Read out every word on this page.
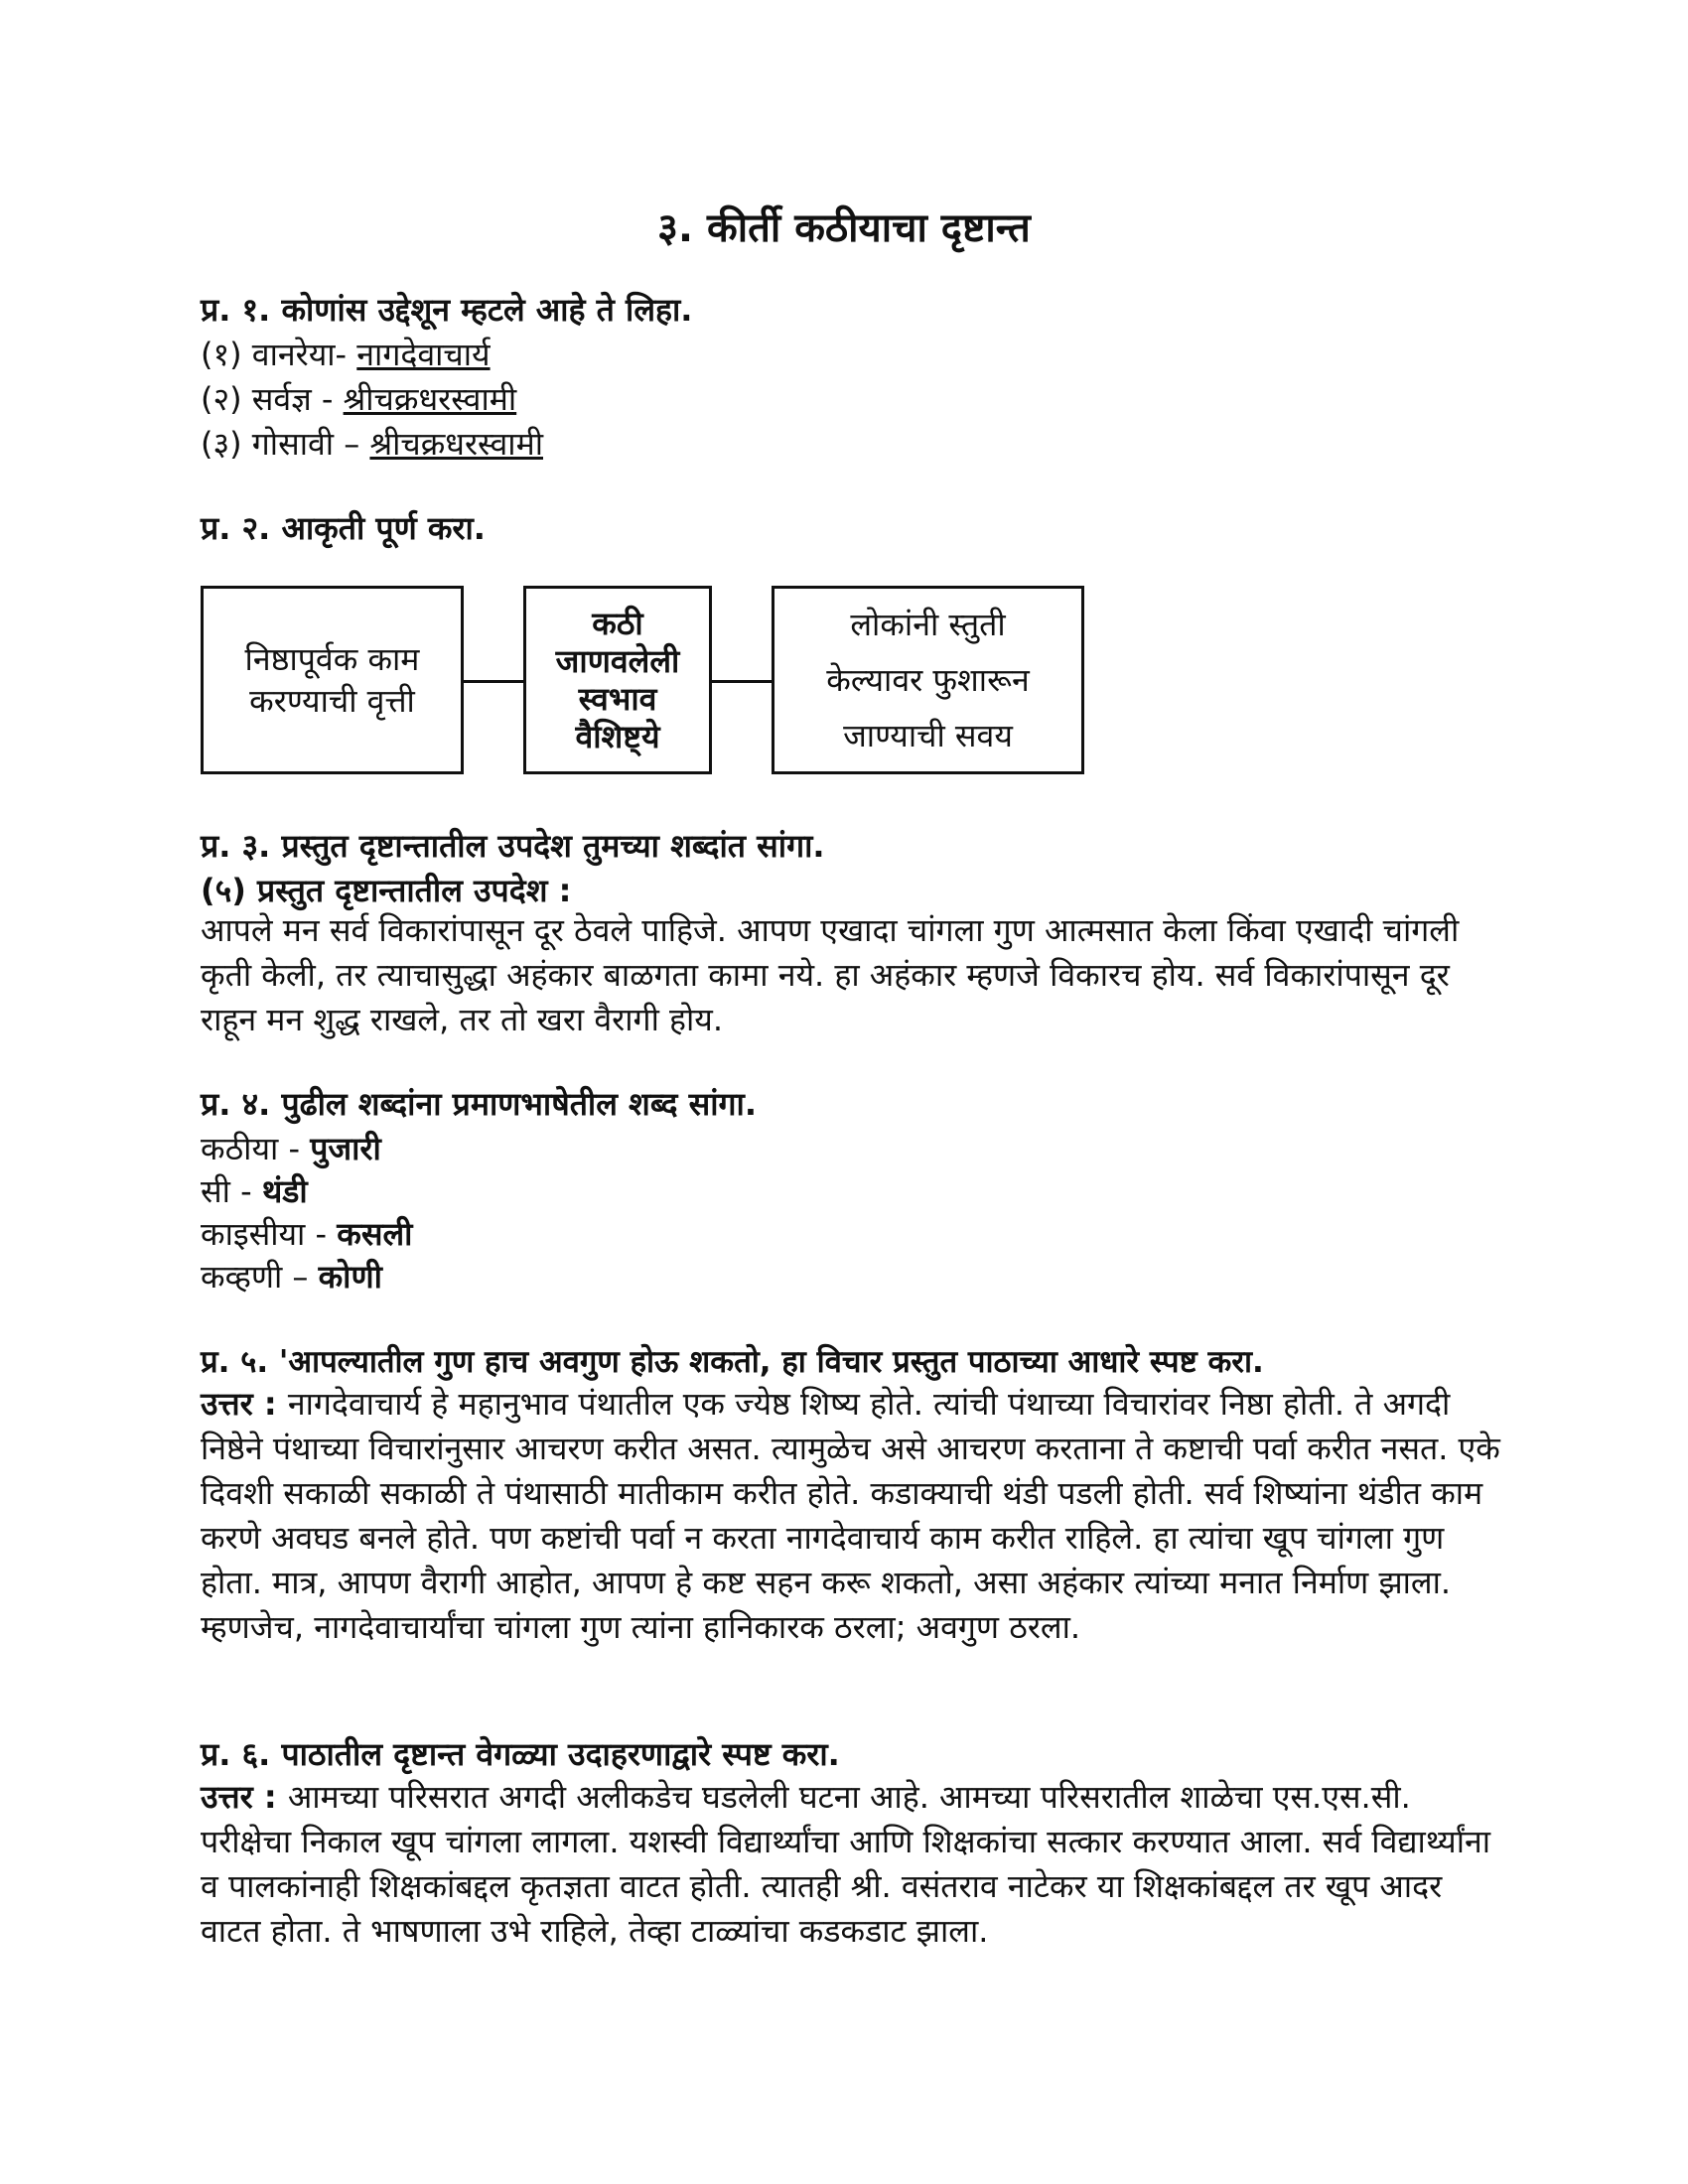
३. कीर्ती कठीयाचा दृष्टान्त
प्र. १. कोणांस उद्देशून म्हटले आहे ते लिहा.
(१) वानरेया- नागदेवाचार्य
(२) सर्वज्ञ - श्रीचक्रधरस्वामी
(३) गोसावी – श्रीचक्रधरस्वामी
प्र. २. आकृती पूर्ण करा.
निष्ठापूर्वक काम
करण्याची वृत्ती
कठी
जाणवलेली
स्वभाव
वैशिष्ट्ये
लोकांनी स्तुती
केल्यावर फुशारून
जाण्याची सवय
प्र. ३. प्रस्तुत दृष्टान्तातील उपदेश तुमच्या शब्दांत सांगा.
(५) प्रस्तुत दृष्टान्तातील उपदेश :
आपले मन सर्व विकारांपासून दूर ठेवले पाहिजे. आपण एखादा चांगला गुण आत्मसात केला किंवा एखादी चांगली कृती केली, तर त्याचासुद्धा अहंकार बाळगता कामा नये. हा अहंकार म्हणजे विकारच होय. सर्व विकारांपासून दूर राहून मन शुद्ध राखले, तर तो खरा वैरागी होय.
प्र. ४. पुढील शब्दांना प्रमाणभाषेतील शब्द सांगा.
कठीया - पुजारी
सी - थंडी
काइसीया - कसली
कव्हणी – कोणी
प्र. ५. 'आपल्यातील गुण हाच अवगुण होऊ शकतो, हा विचार प्रस्तुत पाठाच्या आधारे स्पष्ट करा.
उत्तर : नागदेवाचार्य हे महानुभाव पंथातील एक ज्येष्ठ शिष्य होते. त्यांची पंथाच्या विचारांवर निष्ठा होती. ते अगदी निष्ठेने पंथाच्या विचारांनुसार आचरण करीत असत. त्यामुळेच असे आचरण करताना ते कष्टाची पर्वा करीत नसत. एके दिवशी सकाळी सकाळी ते पंथासाठी मातीकाम करीत होते. कडाक्याची थंडी पडली होती. सर्व शिष्यांना थंडीत काम करणे अवघड बनले होते. पण कष्टांची पर्वा न करता नागदेवाचार्य काम करीत राहिले. हा त्यांचा खूप चांगला गुण होता. मात्र, आपण वैरागी आहोत, आपण हे कष्ट सहन करू शकतो, असा अहंकार त्यांच्या मनात निर्माण झाला. म्हणजेच, नागदेवाचार्यांचा चांगला गुण त्यांना हानिकारक ठरला; अवगुण ठरला.
प्र. ६. पाठातील दृष्टान्त वेगळ्या उदाहरणाद्वारे स्पष्ट करा.
उत्तर : आमच्या परिसरात अगदी अलीकडेच घडलेली घटना आहे. आमच्या परिसरातील शाळेचा एस.एस.सी. परीक्षेचा निकाल खूप चांगला लागला. यशस्वी विद्यार्थ्यांचा आणि शिक्षकांचा सत्कार करण्यात आला. सर्व विद्यार्थ्यांना व पालकांनाही शिक्षकांबद्दल कृतज्ञता वाटत होती. त्यातही श्री. वसंतराव नाटेकर या शिक्षकांबद्दल तर खूप आदर वाटत होता. ते भाषणाला उभे राहिले, तेव्हा टाळ्यांचा कडकडाट झाला.
